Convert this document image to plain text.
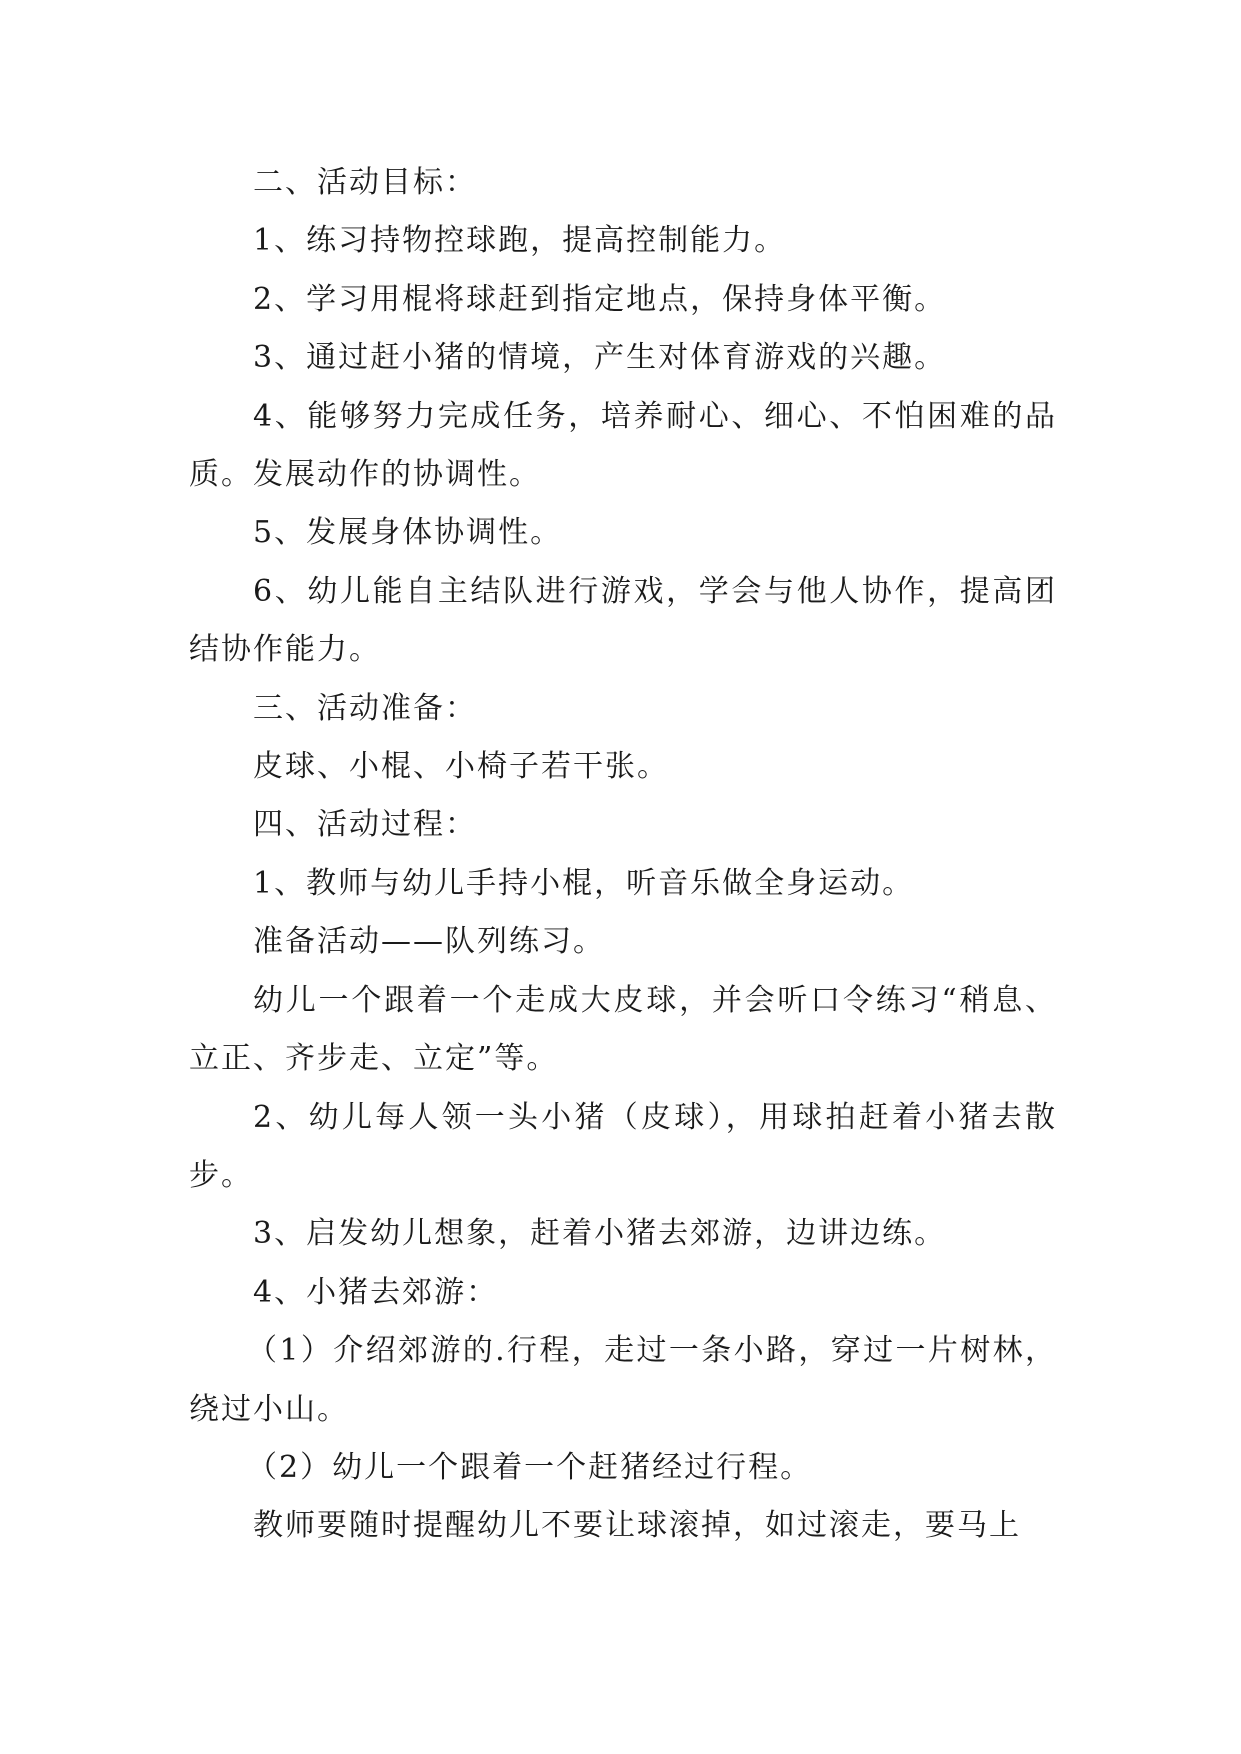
二、活动目标：

1、练习持物控球跑，提高控制能力。

2、学习用棍将球赶到指定地点，保持身体平衡。

3、通过赶小猪的情境，产生对体育游戏的兴趣。

4、能够努力完成任务，培养耐心、细心、不怕困难的品质。发展动作的协调性。

5、发展身体协调性。

6、幼儿能自主结队进行游戏，学会与他人协作，提高团结协作能力。

三、活动准备：

皮球、小棍、小椅子若干张。

四、活动过程：

1、教师与幼儿手持小棍，听音乐做全身运动。

准备活动——队列练习。

幼儿一个跟着一个走成大皮球，并会听口令练习“稍息、立正、齐步走、立定”等。

2、幼儿每人领一头小猪（皮球），用球拍赶着小猪去散步。

3、启发幼儿想象，赶着小猪去郊游，边讲边练。

4、小猪去郊游：

（1）介绍郊游的.行程，走过一条小路，穿过一片树林，绕过小山。

（2）幼儿一个跟着一个赶猪经过行程。

教师要随时提醒幼儿不要让球滚掉，如过滚走，要马上
